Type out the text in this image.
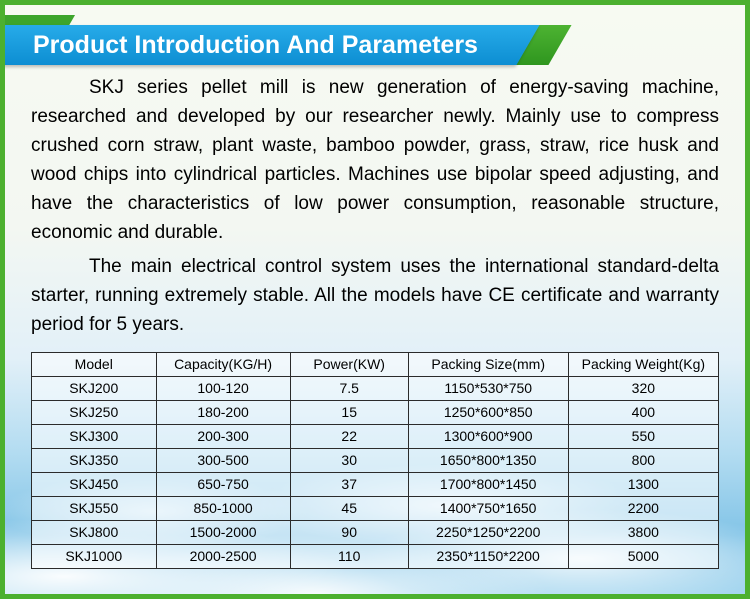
Product Introduction And Parameters

SKJ series pellet mill is new generation of energy-saving machine, researched and developed by our researcher newly. Mainly use to compress crushed corn straw, plant waste, bamboo powder, grass, straw, rice husk and wood chips into cylindrical particles. Machines use bipolar speed adjusting, and have the characteristics of low power consumption, reasonable structure, economic and durable.

The main electrical control system uses the international standard-delta starter, running extremely stable. All the models have CE certificate and warranty period for 5 years.

Model	Capacity(KG/H)	Power(KW)	Packing Size(mm)	Packing Weight(Kg)
SKJ200	100-120	7.5	1150*530*750	320
SKJ250	180-200	15	1250*600*850	400
SKJ300	200-300	22	1300*600*900	550
SKJ350	300-500	30	1650*800*1350	800
SKJ450	650-750	37	1700*800*1450	1300
SKJ550	850-1000	45	1400*750*1650	2200
SKJ800	1500-2000	90	2250*1250*2200	3800
SKJ1000	2000-2500	110	2350*1150*2200	5000
